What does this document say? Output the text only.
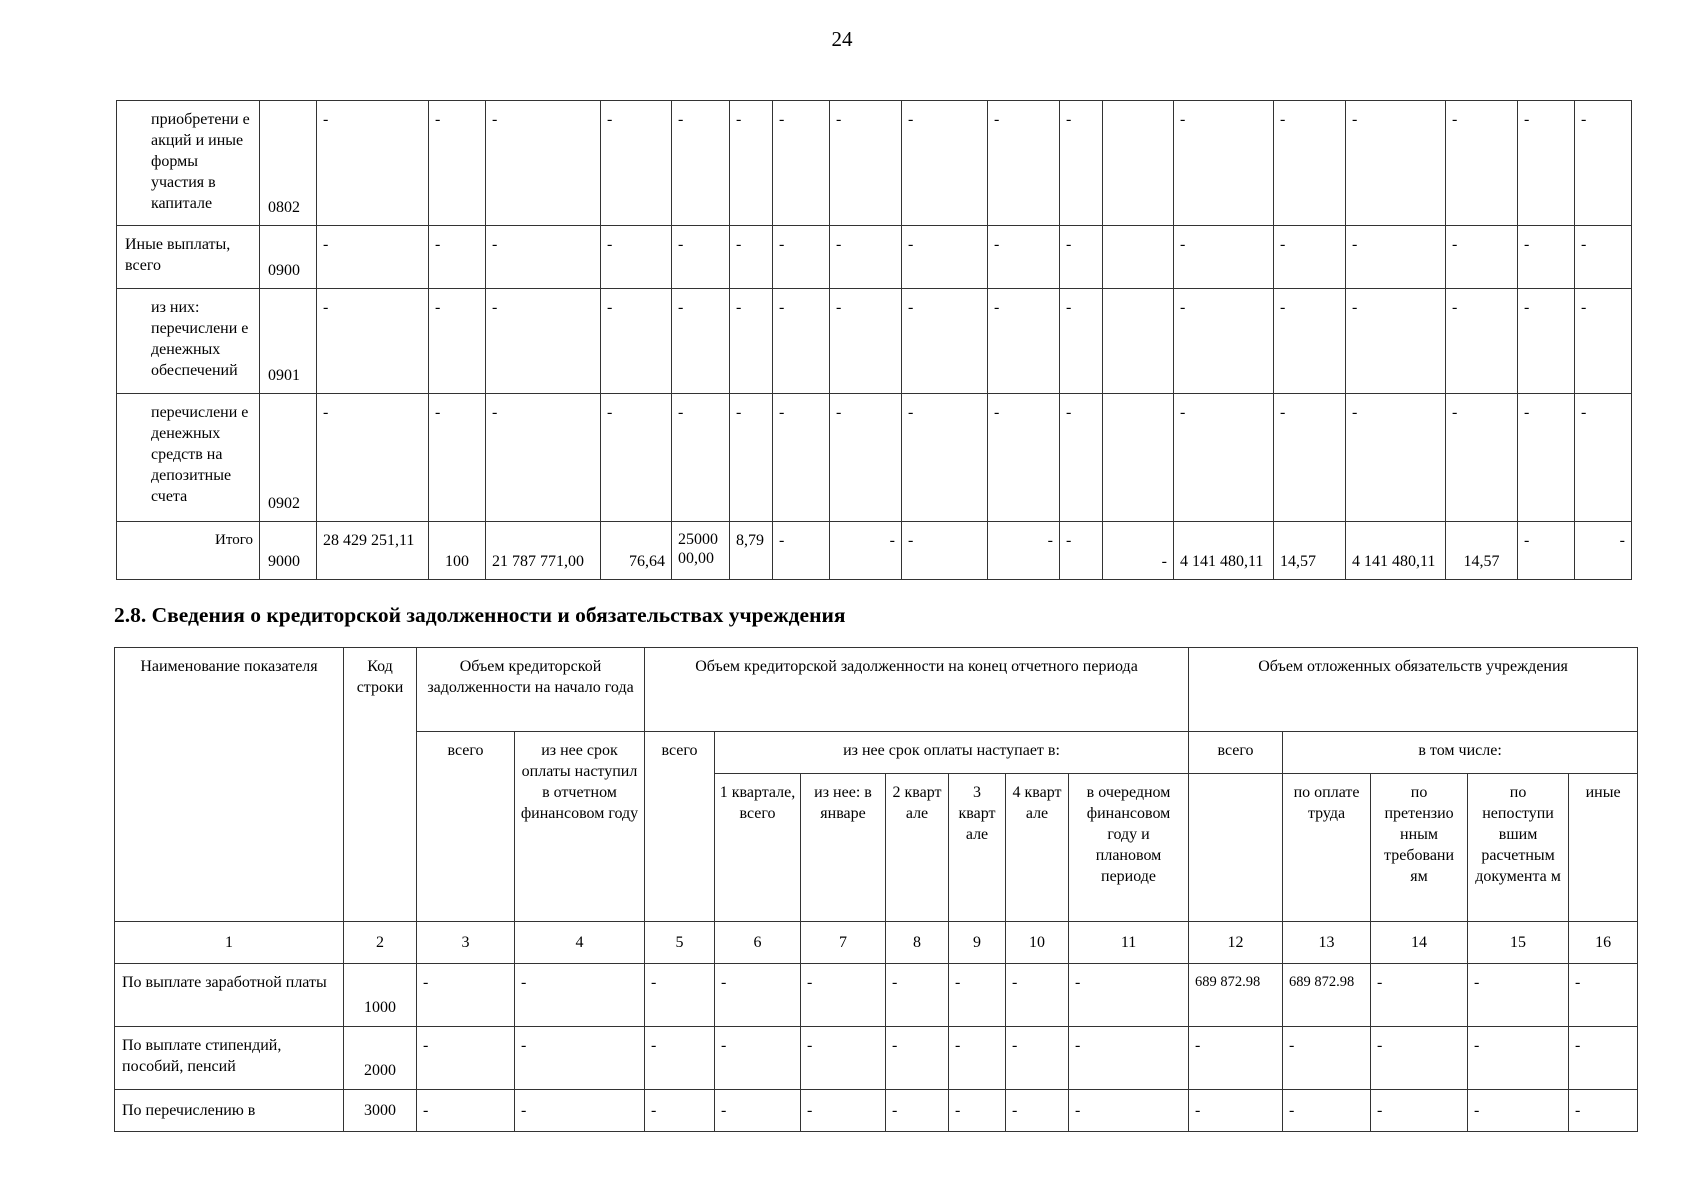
24
приобретени е акций и иные формы участия в капитале	0802	-	-	-	-	-	-	-	-	-	-	-		-	-	-	-	-	-
Иные выплаты, всего	0900	-	-	-	-	-	-	-	-	-	-	-		-	-	-	-	-	-
из них: перечислени е денежных обеспечений	0901	-	-	-	-	-	-	-	-	-	-	-		-	-	-	-	-	-
перечислени е денежных средств на депозитные счета	0902	-	-	-	-	-	-	-	-	-	-	-		-	-	-	-	-	-
Итого	9000	28 429 251,11	100	21 787 771,00	76,64	25000 00,00	8,79	-	-	-	-	-	-	4 141 480,11	14,57	4 141 480,11	14,57	-	-
2.8. Сведения о кредиторской задолженности и обязательствах учреждения
Наименование показателя	Код строки	Объем кредиторской задолженности на начало года		Объем кредиторской задолженности на конец отчетного периода							Объем отложенных обязательств учреждения				
		всего	из нее срок оплаты наступил в отчетном финансовом году	всего	из нее срок оплаты наступает в:						всего	в том числе:			
					1 квартале, всего	из нее: в январе	2 кварт але	3 кварт але	4 кварт але	в очередном финансовом году и плановом периоде		по оплате труда	по претензио нным требовани ям	по непоступи вшим расчетным документа м	иные
1	2	3	4	5	6	7	8	9	10	11	12	13	14	15	16
По выплате заработной платы	1000	-	-	-	-	-	-	-	-	-	689 872.98	689 872.98	-	-	-
По выплате стипендий, пособий, пенсий	2000	-	-	-	-	-	-	-	-	-	-	-	-	-	-
По перечислению в	3000	-	-	-	-	-	-	-	-	-	-	-	-	-	-
